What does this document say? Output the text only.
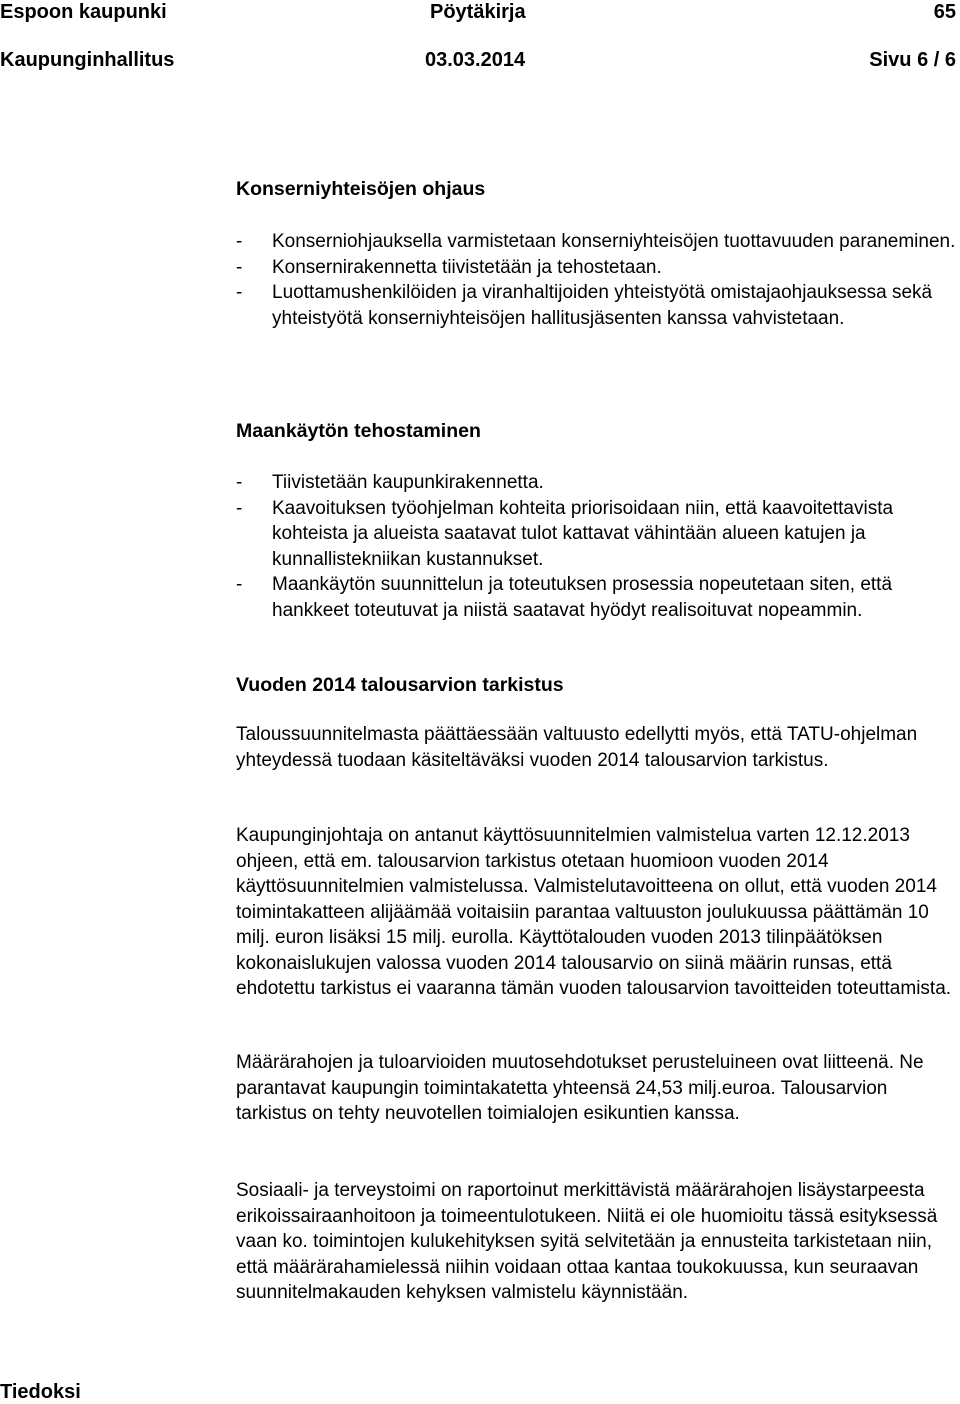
Espoon kaupunki	Pöytäkirja	65
Kaupunginhallitus	03.03.2014	Sivu 6 / 6
Konserniyhteisöjen ohjaus
- Konserniohjauksella varmistetaan konserniyhteisöjen tuottavuuden paraneminen.
- Konsernirakennetta tiivistetään ja tehostetaan.
- Luottamushenkilöiden ja viranhaltijoiden yhteistyötä omistajaohjauksessa sekä yhteistyötä konserniyhteisöjen hallitusjäsenten kanssa vahvistetaan.
Maankäytön tehostaminen
- Tiivistetään kaupunkirakennetta.
- Kaavoituksen työohjelman kohteita priorisoidaan niin, että kaavoitettavista kohteista ja alueista saatavat tulot kattavat vähintään alueen katujen ja kunnallistekniikan kustannukset.
- Maankäytön suunnittelun ja toteutuksen prosessia nopeutetaan siten, että hankkeet toteutuvat ja niistä saatavat hyödyt realisoituvat nopeammin.
Vuoden 2014 talousarvion tarkistus

Taloussuunnitelmasta päättäessään valtuusto edellytti myös, että TATU-ohjelman yhteydessä tuodaan käsiteltäväksi vuoden 2014 talousarvion tarkistus.

Kaupunginjohtaja on antanut käyttösuunnitelmien valmistelua varten 12.12.2013 ohjeen, että em. talousarvion tarkistus otetaan huomioon vuoden 2014 käyttösuunnitelmien valmistelussa. Valmistelutavoitteena on ollut, että vuoden 2014 toimintakatteen alijäämää voitaisiin parantaa valtuuston joulukuussa päättämän 10 milj. euron lisäksi 15 milj. eurolla. Käyttötalouden vuoden 2013 tilinpäätöksen kokonaislukujen valossa vuoden 2014 talousarvio on siinä määrin runsas, että ehdotettu tarkistus ei vaaranna tämän vuoden talousarvion tavoitteiden toteuttamista.

Määrärahojen ja tuloarvioiden muutosehdotukset perusteluineen ovat liitteenä. Ne parantavat kaupungin toimintakatetta yhteensä 24,53 milj.euroa. Talousarvion tarkistus on tehty neuvotellen toimialojen esikuntien kanssa.

Sosiaali- ja terveystoimi on raportoinut merkittävistä määrärahojen lisäystarpeesta erikoissairaanhoitoon ja toimeentulotukeen. Niitä ei ole huomioitu tässä esityksessä vaan ko. toimintojen kulukehityksen syitä selvitetään ja ennusteita tarkistetaan niin, että määrärahamielessä niihin voidaan ottaa kantaa toukokuussa, kun seuraavan suunnitelmakauden kehyksen valmistelu käynnistään.

Tiedoksi
